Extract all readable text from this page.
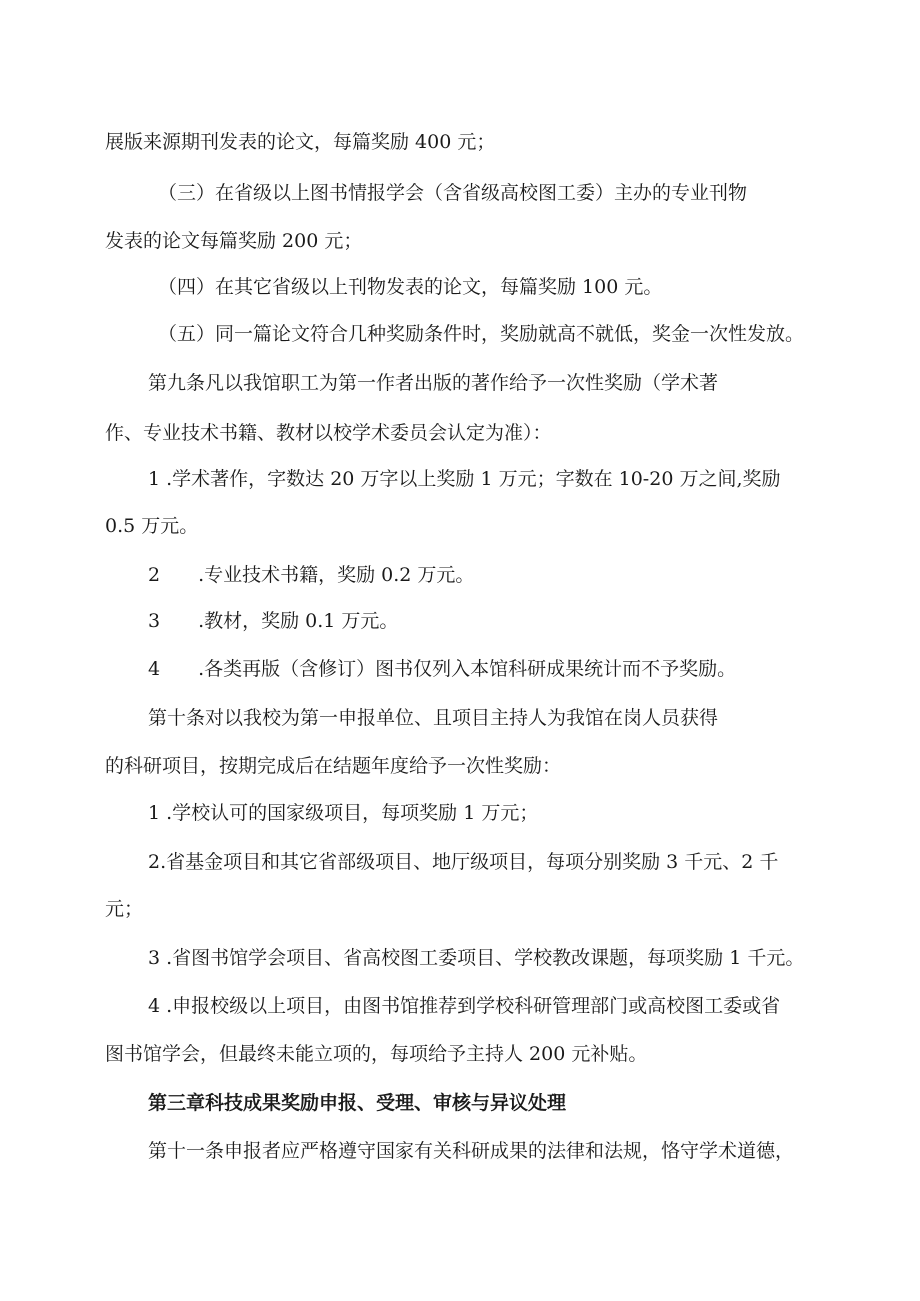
展版来源期刊发表的论文，每篇奖励 400 元；
（三）在省级以上图书情报学会（含省级高校图工委）主办的专业刊物
发表的论文每篇奖励 200 元；
（四）在其它省级以上刊物发表的论文，每篇奖励 100 元。
（五）同一篇论文符合几种奖励条件时，奖励就高不就低，奖金一次性发放。
第九条凡以我馆职工为第一作者出版的著作给予一次性奖励（学术著
作、专业技术书籍、教材以校学术委员会认定为准）：
1 .学术著作，字数达 20 万字以上奖励 1 万元；字数在 10-20 万之间,奖励
0.5 万元。
2　　.专业技术书籍，奖励 0.2 万元。
3　　.教材，奖励 0.1 万元。
4　　.各类再版（含修订）图书仅列入本馆科研成果统计而不予奖励。
第十条对以我校为第一申报单位、且项目主持人为我馆在岗人员获得
的科研项目，按期完成后在结题年度给予一次性奖励：
1 .学校认可的国家级项目，每项奖励 1 万元；
2.省基金项目和其它省部级项目、地厅级项目，每项分别奖励 3 千元、2 千
元；
3 .省图书馆学会项目、省高校图工委项目、学校教改课题，每项奖励 1 千元。
4 .申报校级以上项目，由图书馆推荐到学校科研管理部门或高校图工委或省
图书馆学会，但最终未能立项的，每项给予主持人 200 元补贴。
第三章科技成果奖励申报、受理、审核与异议处理
第十一条申报者应严格遵守国家有关科研成果的法律和法规，恪守学术道德，
